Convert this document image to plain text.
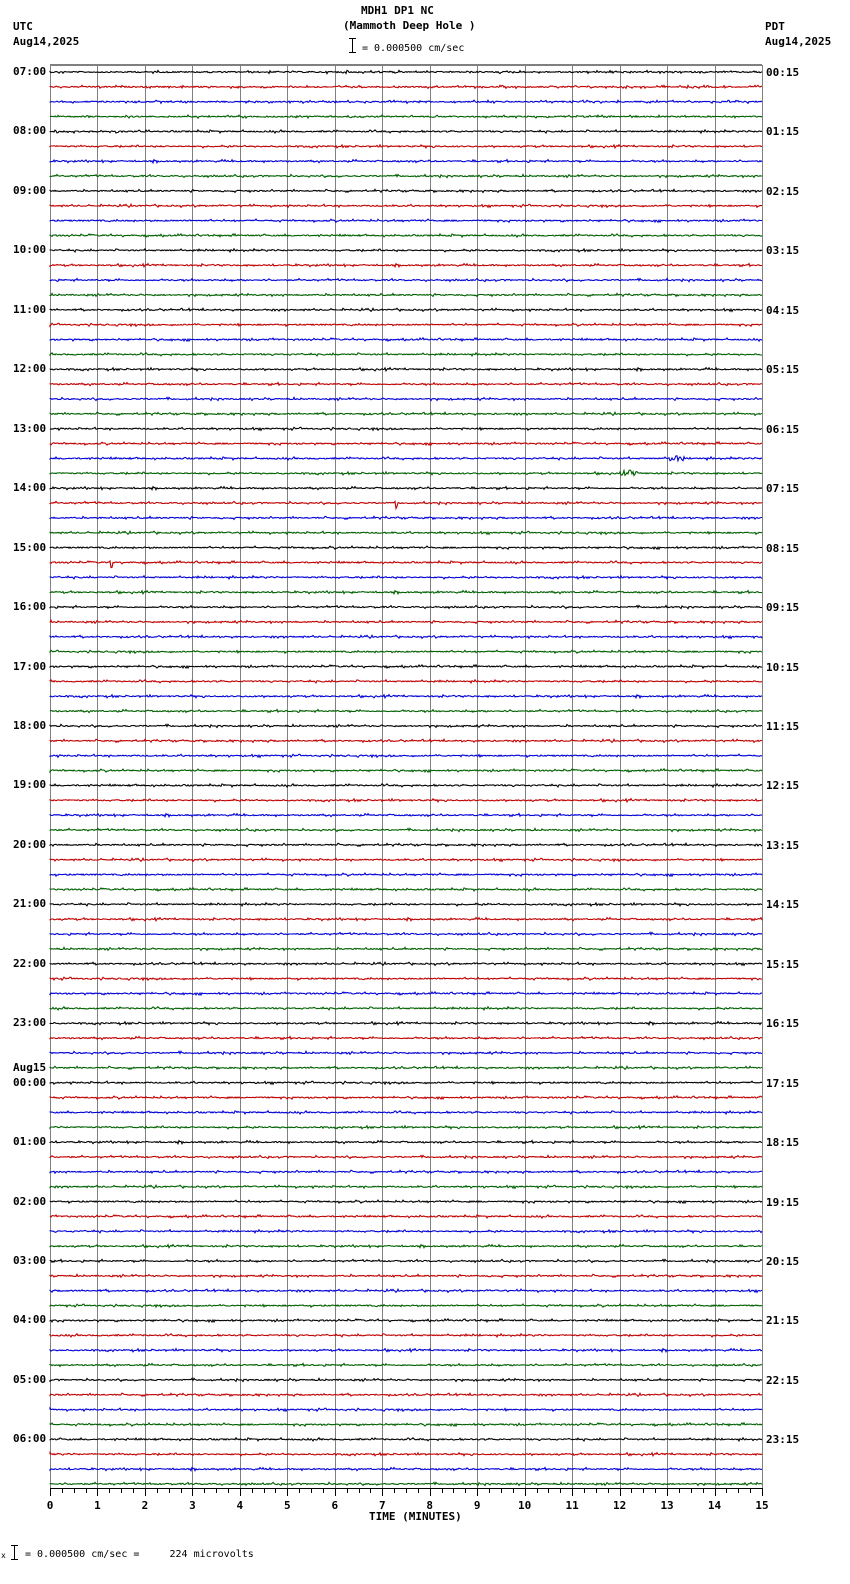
MDH1 DP1 NC
(Mammoth Deep Hole )
= 0.000500 cm/sec
UTC
Aug14,2025
PDT
Aug14,2025
07:00
08:00
09:00
10:00
11:00
12:00
13:00
14:00
15:00
16:00
17:00
18:00
19:00
20:00
21:00
22:00
23:00
00:00
Aug15
01:00
02:00
03:00
04:00
05:00
06:00
00:15
01:15
02:15
03:15
04:15
05:15
06:15
07:15
08:15
09:15
10:15
11:15
12:15
13:15
14:15
15:15
16:15
17:15
18:15
19:15
20:15
21:15
22:15
23:15
0	1	2	3	4	5	6	7	8	9	10	11	12	13	14	15
TIME (MINUTES)
x = 0.000500 cm/sec =     224 microvolts
